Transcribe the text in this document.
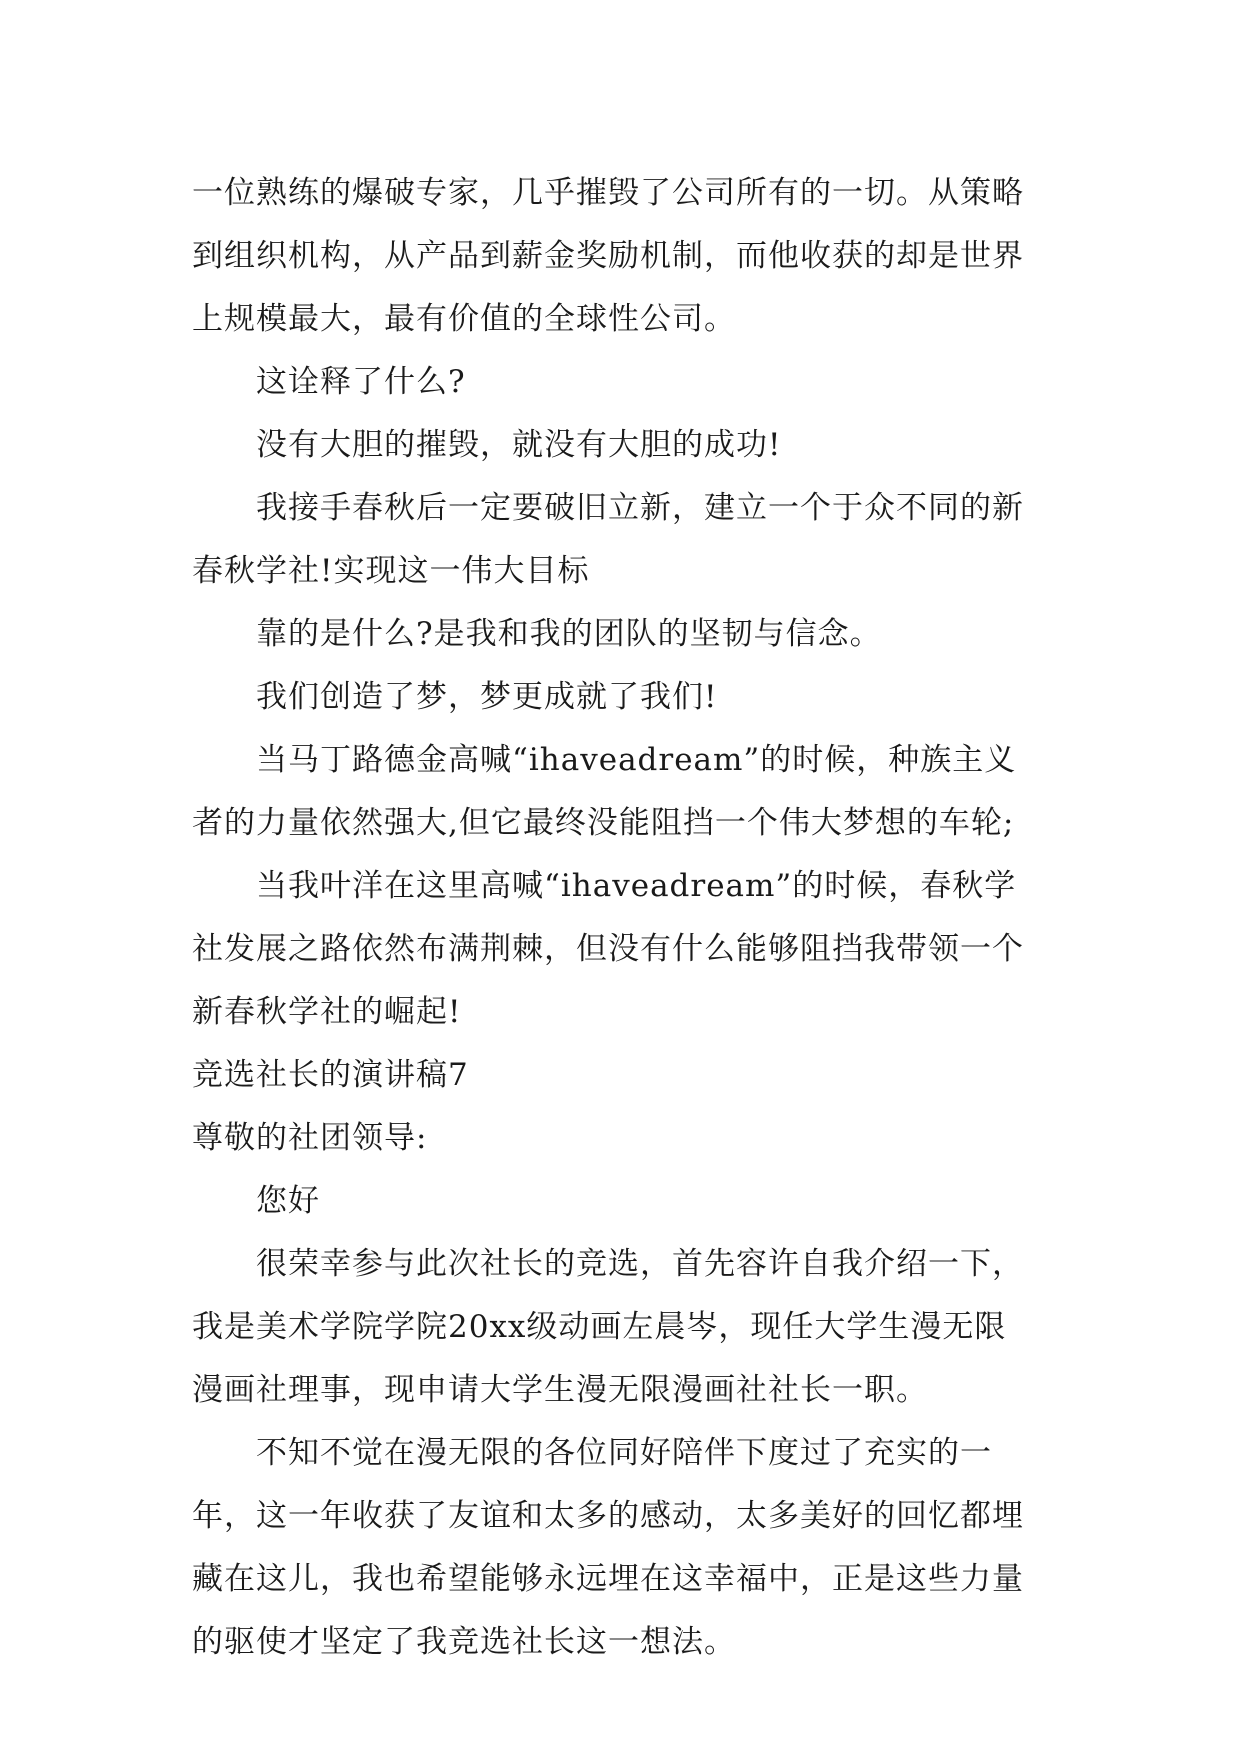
一位熟练的爆破专家，几乎摧毁了公司所有的一切。从策略
到组织机构，从产品到薪金奖励机制，而他收获的却是世界
上规模最大，最有价值的全球性公司。
这诠释了什么?
没有大胆的摧毁，就没有大胆的成功!
我接手春秋后一定要破旧立新，建立一个于众不同的新
春秋学社!实现这一伟大目标
靠的是什么?是我和我的团队的坚韧与信念。
我们创造了梦，梦更成就了我们!
当马丁路德金高喊“ihaveadream”的时候，种族主义
者的力量依然强大,但它最终没能阻挡一个伟大梦想的车轮;
当我叶洋在这里高喊“ihaveadream”的时候，春秋学
社发展之路依然布满荆棘，但没有什么能够阻挡我带领一个
新春秋学社的崛起!
竞选社长的演讲稿7
尊敬的社团领导:
您好
很荣幸参与此次社长的竞选，首先容许自我介绍一下，
我是美术学院学院20xx级动画左晨岑，现任大学生漫无限
漫画社理事，现申请大学生漫无限漫画社社长一职。
不知不觉在漫无限的各位同好陪伴下度过了充实的一
年，这一年收获了友谊和太多的感动，太多美好的回忆都埋
藏在这儿，我也希望能够永远埋在这幸福中，正是这些力量
的驱使才坚定了我竞选社长这一想法。
